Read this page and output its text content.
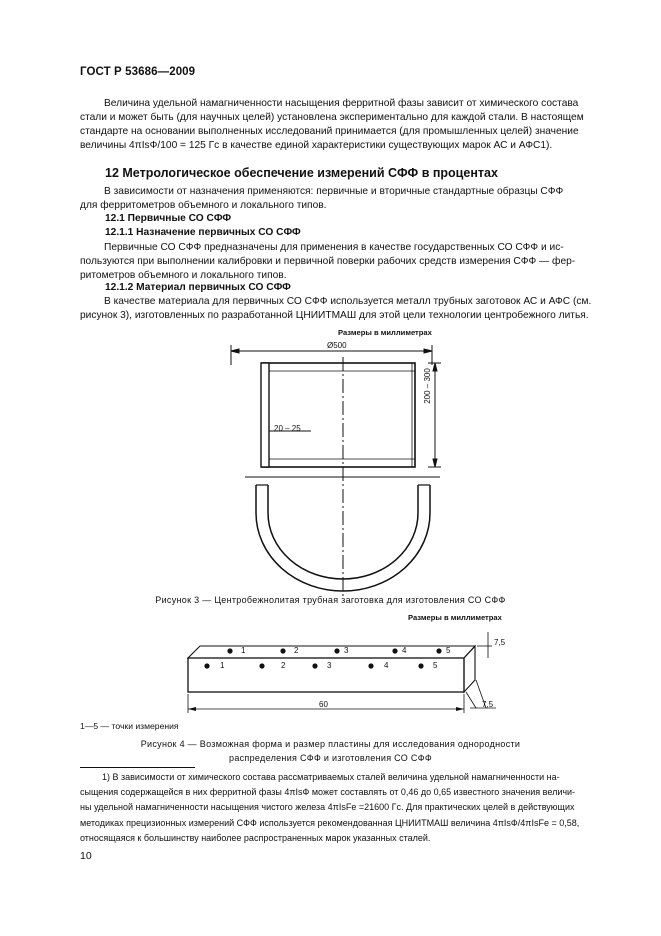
ГОСТ Р 53686—2009
Величина удельной намагниченности насыщения ферритной фазы зависит от химического состава
стали и может быть (для научных целей) установлена экспериментально для каждой стали. В настоящем
стандарте на основании выполненных исследований принимается (для промышленных целей) значение
величины 4πIsФ/100 = 125 Гс в качестве единой характеристики существующих марок АС и АФС1).
12 Метрологическое обеспечение измерений СФФ в процентах
В зависимости от назначения применяются: первичные и вторичные стандартные образцы СФФ
для ферритометров объемного и локального типов.
12.1 Первичные СО СФФ
12.1.1 Назначение первичных СО СФФ
Первичные СО СФФ предназначены для применения в качестве государственных СО СФФ и ис-
пользуются при выполнении калибровки и первичной поверки рабочих средств измерения СФФ — фер-
ритометров объемного и локального типов.
12.1.2 Материал первичных СО СФФ
В качестве материала для первичных СО СФФ используется металл трубных заготовок АС и АФС (см.
рисунок 3), изготовленных по разработанной ЦНИИТМАШ для этой цели технологии центробежного литья.
Размеры в миллиметрах
Ø500
20 – 25
200 – 300
Рисунок 3 — Центробежнолитая трубная заготовка для изготовления СО СФФ
Размеры в миллиметрах
1	2	3	4	5
1	2	3	4	5
7,5
60	7,5
1—5 — точки измерения
Рисунок 4 — Возможная форма и размер пластины для исследования однородности
распределения СФФ и изготовления СО СФФ
1) В зависимости от химического состава рассматриваемых сталей величина удельной намагниченности на-
сыщения содержащейся в них ферритной фазы 4πIsФ может составлять от 0,46 до 0,65 известного значения величи-
ны удельной намагниченности насыщения чистого железа 4πIsFe =21600 Гс. Для практических целей в действующих
методиках прецизионных измерений СФФ используется рекомендованная ЦНИИТМАШ величина 4πIsФ/4πIsFe = 0,58,
относящаяся к большинству наиболее распространенных марок указанных сталей.
10
